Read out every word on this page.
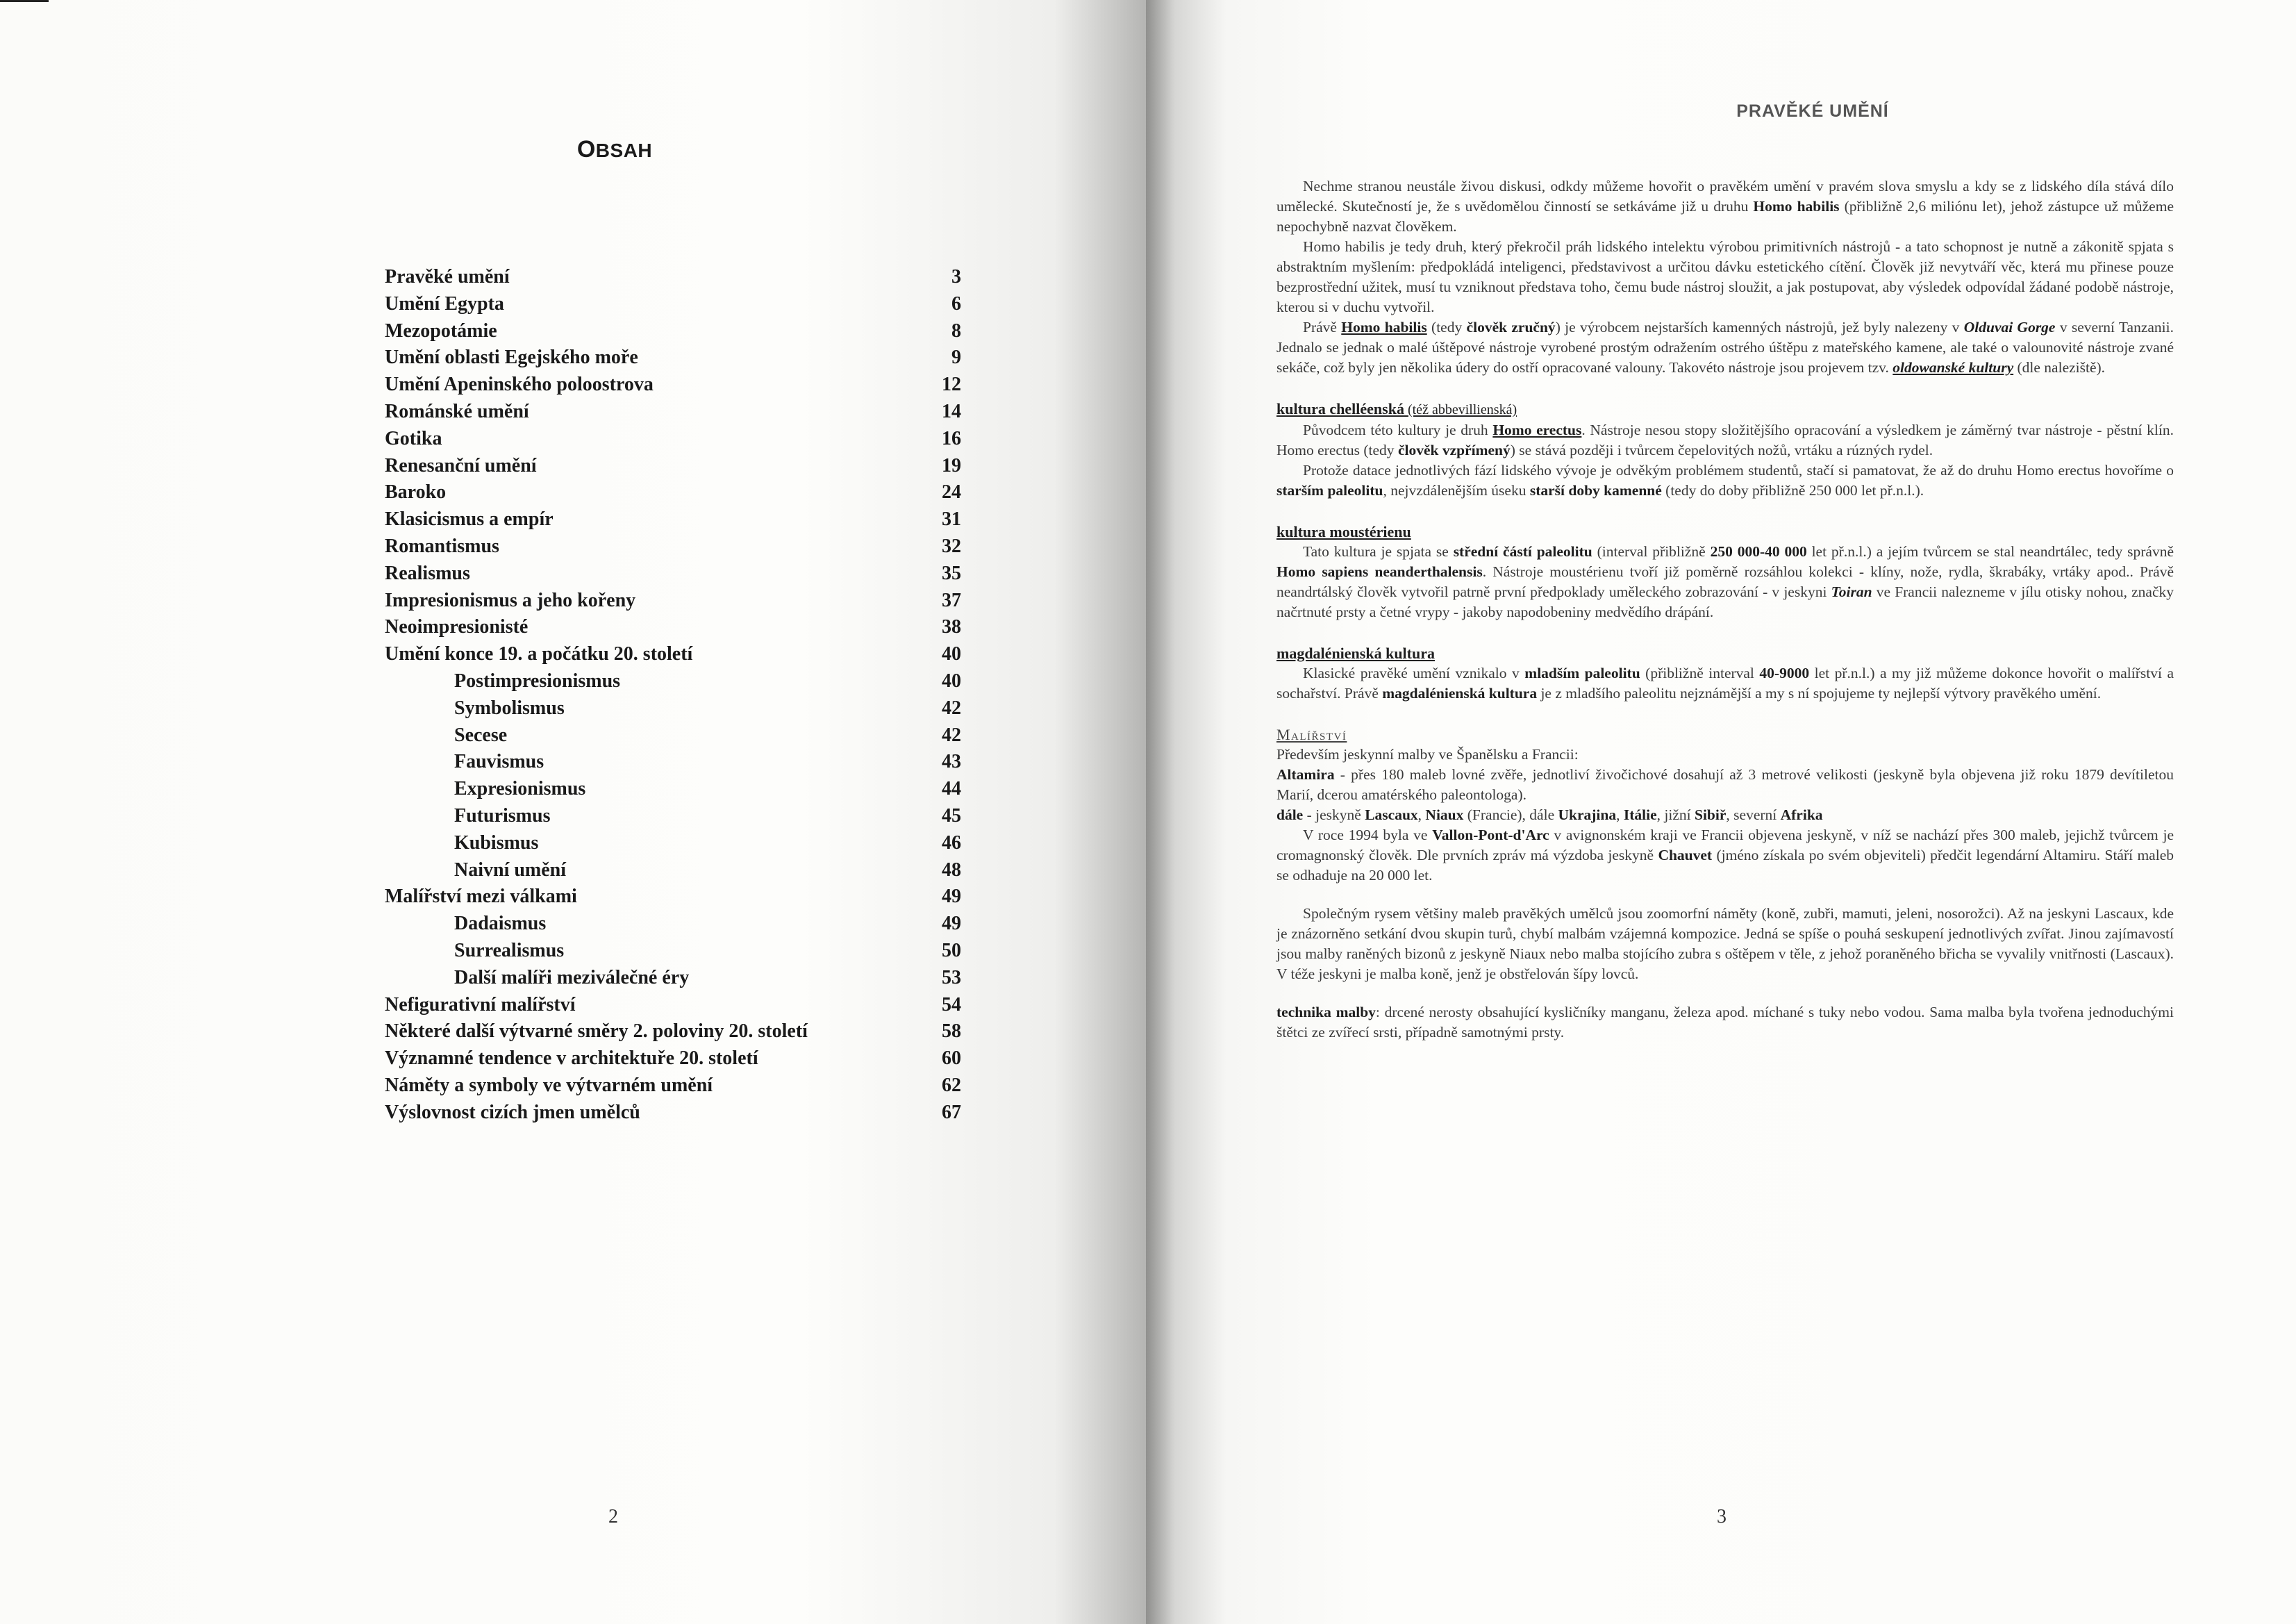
OBSAH
Pravěké umění	3
Umění Egypta	6
Mezopotámie	8
Umění oblasti Egejského moře	9
Umění Apeninského poloostrova	12
Románské umění	14
Gotika	16
Renesanční umění	19
Baroko	24
Klasicismus a empír	31
Romantismus	32
Realismus	35
Impresionismus a jeho kořeny	37
Neoimpresionisté	38
Umění konce 19. a počátku 20. století	40
Postimpresionismus	40
Symbolismus	42
Secese	42
Fauvismus	43
Expresionismus	44
Futurismus	45
Kubismus	46
Naivní umění	48
Malířství mezi válkami	49
Dadaismus	49
Surrealismus	50
Další malíři meziválečné éry	53
Nefigurativní malířství	54
Některé další výtvarné směry 2. poloviny 20. století	58
Významné tendence v architektuře 20. století	60
Náměty a symboly ve výtvarném umění	62
Výslovnost cizích jmen umělců	67
2
PRAVĚKÉ UMĚNÍ

Nechme stranou neustále živou diskusi, odkdy můžeme hovořit o pravěkém umění v pravém slova smyslu a kdy se z lidského díla stává dílo umělecké. Skutečností je, že s uvědomělou činností se setkáváme již u druhu Homo habilis (přibližně 2,6 miliónu let), jehož zástupce už můžeme nepochybně nazvat člověkem.

Homo habilis je tedy druh, který překročil práh lidského intelektu výrobou primitivních nástrojů - a tato schopnost je nutně a zákonitě spjata s abstraktním myšlením: předpokládá inteligenci, představivost a určitou dávku estetického cítění. Člověk již nevytváří věc, která mu přinese pouze bezprostřední užitek, musí tu vzniknout představa toho, čemu bude nástroj sloužit, a jak postupovat, aby výsledek odpovídal žádané podobě nástroje, kterou si v duchu vytvořil.

Právě Homo habilis (tedy člověk zručný) je výrobcem nejstarších kamenných nástrojů, jež byly nalezeny v Olduvai Gorge v severní Tanzanii. Jednalo se jednak o malé úštěpové nástroje vyrobené prostým odražením ostrého úštěpu z mateřského kamene, ale také o valounovité nástroje zvané sekáče, což byly jen několika údery do ostří opracované valouny. Takovéto nástroje jsou projevem tzv. oldowanské kultury (dle naleziště).

kultura chelléenská (též abbevillienská)

Původcem této kultury je druh Homo erectus. Nástroje nesou stopy složitějšího opracování a výsledkem je záměrný tvar nástroje - pěstní klín. Homo erectus (tedy člověk vzpřímený) se stává později i tvůrcem čepelovitých nožů, vrtáku a rúzných rydel.

Protože datace jednotlivých fází lidského vývoje je odvěkým problémem studentů, stačí si pamatovat, že až do druhu Homo erectus hovoříme o starším paleolitu, nejvzdálenějším úseku starší doby kamenné (tedy do doby přibližně 250 000 let př.n.l.).

kultura moustérienu

Tato kultura je spjata se střední částí paleolitu (interval přibližně 250 000-40 000 let př.n.l.) a jejím tvůrcem se stal neandrtálec, tedy správně Homo sapiens neanderthalensis. Nástroje moustérienu tvoří již poměrně rozsáhlou kolekci - klíny, nože, rydla, škrabáky, vrtáky apod.. Právě neandrtálský člověk vytvořil patrně první předpoklady uměleckého zobrazování - v jeskyni Toiran ve Francii nalezneme v jílu otisky nohou, značky načrtnuté prsty a četné vrypy - jakoby napodobeniny medvědího drápání.

magdalénienská kultura

Klasické pravěké umění vznikalo v mladším paleolitu (přibližně interval 40-9000 let př.n.l.) a my již můžeme dokonce hovořit o malířství a sochařství. Právě magdalénienská kultura je z mladšího paleolitu nejznámější a my s ní spojujeme ty nejlepší výtvory pravěkého umění.

Malířství

Především jeskynní malby ve Španělsku a Francii:

Altamira - přes 180 maleb lovné zvěře, jednotliví živočichové dosahují až 3 metrové velikosti (jeskyně byla objevena již roku 1879 devítiletou Marií, dcerou amatérského paleontologa).

dále - jeskyně Lascaux, Niaux (Francie), dále Ukrajina, Itálie, jižní Sibiř, severní Afrika

V roce 1994 byla ve Vallon-Pont-d'Arc v avignonském kraji ve Francii objevena jeskyně, v níž se nachází přes 300 maleb, jejichž tvůrcem je cromagnonský člověk. Dle prvních zpráv má výzdoba jeskyně Chauvet (jméno získala po svém objeviteli) předčit legendární Altamiru. Stáří maleb se odhaduje na 20 000 let.

Společným rysem většiny maleb pravěkých umělců jsou zoomorfní náměty (koně, zubři, mamuti, jeleni, nosorožci). Až na jeskyni Lascaux, kde je znázorněno setkání dvou skupin turů, chybí malbám vzájemná kompozice. Jedná se spíše o pouhá seskupení jednotlivých zvířat. Jinou zajímavostí jsou malby raněných bizonů z jeskyně Niaux nebo malba stojícího zubra s oštěpem v těle, z jehož poraněného břicha se vyvalily vnitřnosti (Lascaux). V téže jeskyni je malba koně, jenž je obstřelován šípy lovců.

technika malby: drcené nerosty obsahující kysličníky manganu, železa apod. míchané s tuky nebo vodou. Sama malba byla tvořena jednoduchými štětci ze zvířecí srsti, případně samotnými prsty.

3
